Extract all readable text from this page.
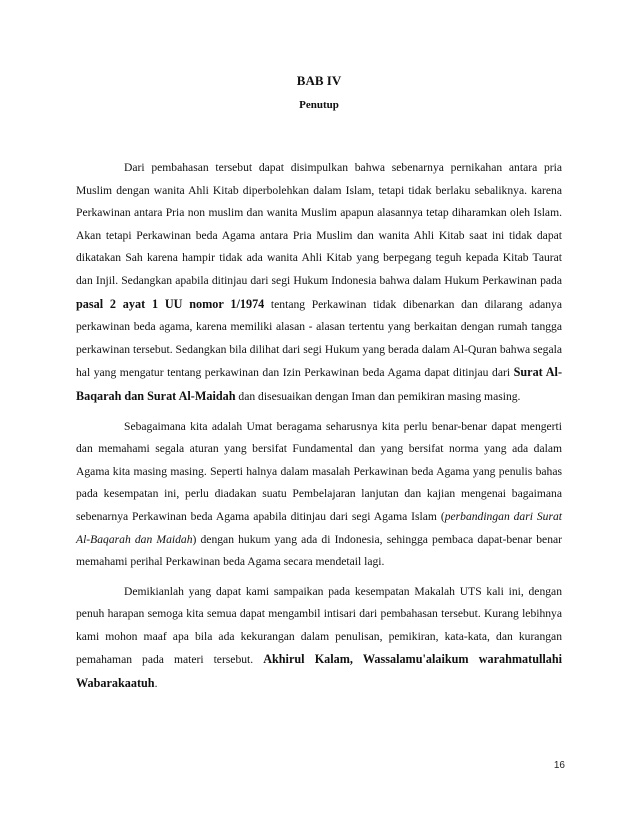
BAB IV
Penutup

Dari pembahasan tersebut dapat disimpulkan bahwa sebenarnya pernikahan antara pria Muslim dengan wanita Ahli Kitab diperbolehkan dalam Islam, tetapi tidak berlaku sebaliknya. karena Perkawinan antara Pria non muslim dan wanita Muslim apapun alasannya tetap diharamkan oleh Islam. Akan tetapi Perkawinan beda Agama antara Pria Muslim dan wanita Ahli Kitab saat ini tidak dapat dikatakan Sah karena hampir tidak ada wanita Ahli Kitab yang berpegang teguh kepada Kitab Taurat dan Injil. Sedangkan apabila ditinjau dari segi Hukum Indonesia bahwa dalam Hukum Perkawinan pada pasal 2 ayat 1 UU nomor 1/1974 tentang Perkawinan tidak dibenarkan dan dilarang adanya perkawinan beda agama, karena memiliki alasan - alasan tertentu yang berkaitan dengan rumah tangga perkawinan tersebut. Sedangkan bila dilihat dari segi Hukum yang berada dalam Al-Quran bahwa segala hal yang mengatur tentang perkawinan dan Izin Perkawinan beda Agama dapat ditinjau dari Surat Al-Baqarah dan Surat Al-Maidah dan disesuaikan dengan Iman dan pemikiran masing masing.

Sebagaimana kita adalah Umat beragama seharusnya kita perlu benar-benar dapat mengerti dan memahami segala aturan yang bersifat Fundamental dan yang bersifat norma yang ada dalam Agama kita masing masing. Seperti halnya dalam masalah Perkawinan beda Agama yang penulis bahas pada kesempatan ini, perlu diadakan suatu Pembelajaran lanjutan dan kajian mengenai bagaimana sebenarnya Perkawinan beda Agama apabila ditinjau dari segi Agama Islam (perbandingan dari Surat Al-Baqarah dan Maidah) dengan hukum yang ada di Indonesia, sehingga pembaca dapat-benar benar memahami perihal Perkawinan beda Agama secara mendetail lagi.

Demikianlah yang dapat kami sampaikan pada kesempatan Makalah UTS kali ini, dengan penuh harapan semoga kita semua dapat mengambil intisari dari pembahasan tersebut. Kurang lebihnya kami mohon maaf apa bila ada kekurangan dalam penulisan, pemikiran, kata-kata, dan kurangan pemahaman pada materi tersebut. Akhirul Kalam, Wassalamu'alaikum warahmatullahi Wabarakaatuh.

16
